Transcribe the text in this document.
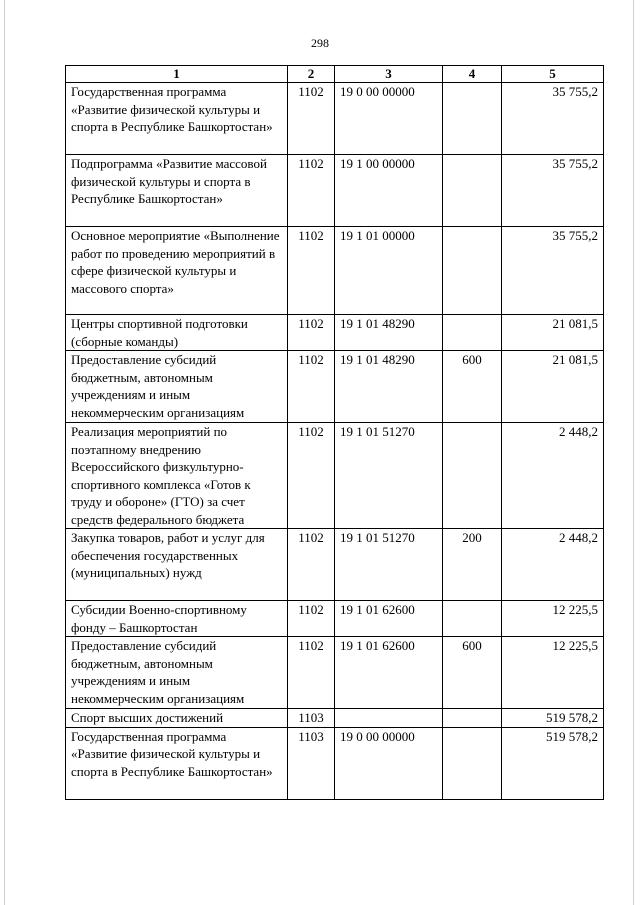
298
1	2	3	4	5
Государственная программа «Развитие физической культуры и спорта в Республике Башкортостан»	1102	19 0 00 00000		35 755,2
Подпрограмма «Развитие массовой физической культуры и спорта в Республике Башкортостан»	1102	19 1 00 00000		35 755,2
Основное мероприятие «Выполнение работ по проведению мероприятий в сфере физической культуры и массового спорта»	1102	19 1 01 00000		35 755,2
Центры спортивной подготовки (сборные команды)	1102	19 1 01 48290		21 081,5
Предоставление субсидий бюджетным, автономным учреждениям и иным некоммерческим организациям	1102	19 1 01 48290	600	21 081,5
Реализация мероприятий по поэтапному внедрению Всероссийского физкультурно-спортивного комплекса «Готов к труду и обороне» (ГТО) за счет средств федерального бюджета	1102	19 1 01 51270		2 448,2
Закупка товаров, работ и услуг для обеспечения государственных (муниципальных) нужд	1102	19 1 01 51270	200	2 448,2
Субсидии Военно-спортивному фонду – Башкортостан	1102	19 1 01 62600		12 225,5
Предоставление субсидий бюджетным, автономным учреждениям и иным некоммерческим организациям	1102	19 1 01 62600	600	12 225,5
Спорт высших достижений	1103			519 578,2
Государственная программа «Развитие физической культуры и спорта в Республике Башкортостан»	1103	19 0 00 00000		519 578,2
